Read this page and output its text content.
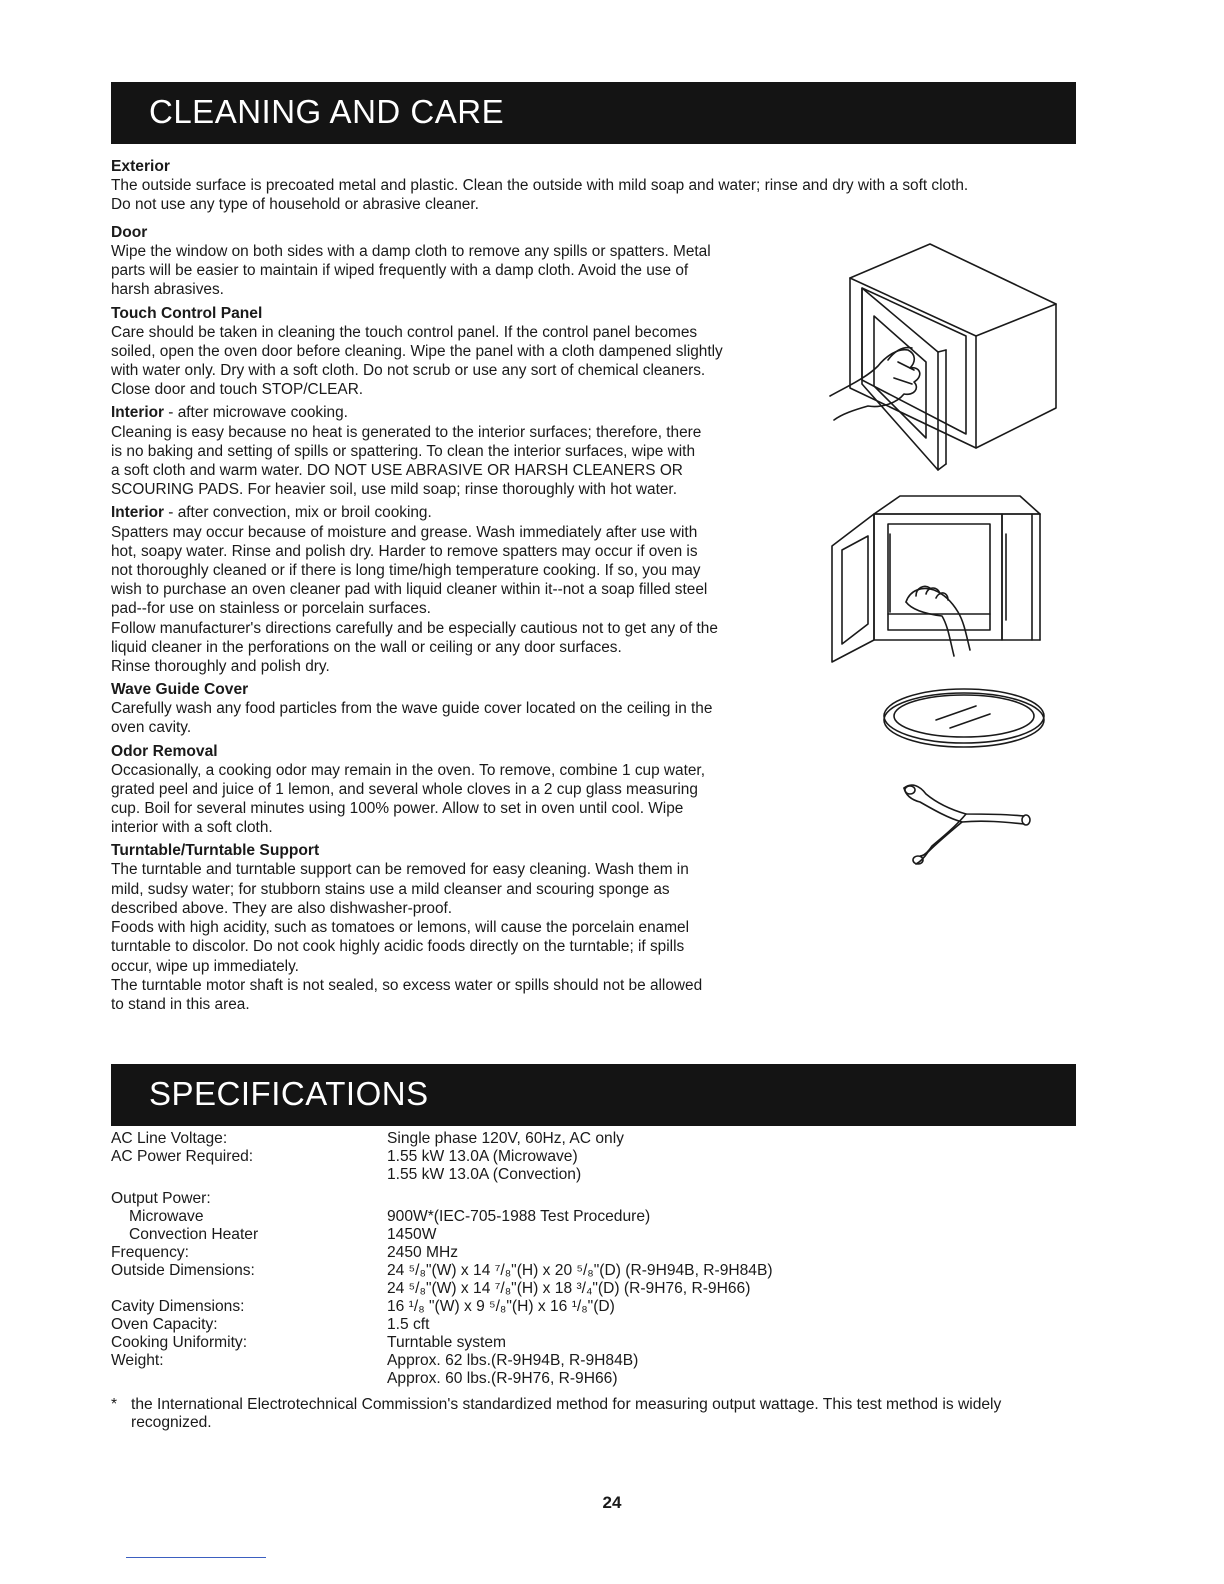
CLEANING AND CARE
Exterior

The outside surface is precoated metal and plastic. Clean the outside with mild soap and water; rinse and dry with a soft cloth.

Do not use any type of household or abrasive cleaner.

Door

Wipe the window on both sides with a damp cloth to remove any spills or spatters. Metal

parts will be easier to maintain if wiped frequently with a damp cloth. Avoid the use of

harsh abrasives.

Touch Control Panel

Care should be taken in cleaning the touch control panel. If the control panel becomes

soiled, open the oven door before cleaning. Wipe the panel with a cloth dampened slightly

with water only. Dry with a soft cloth. Do not scrub or use any sort of chemical cleaners.

Close door and touch STOP/CLEAR.

Interior - after microwave cooking.

Cleaning is easy because no heat is generated to the interior surfaces; therefore, there

is no baking and setting of spills or spattering. To clean the interior surfaces, wipe with

a soft cloth and warm water. DO NOT USE ABRASIVE OR HARSH CLEANERS OR

SCOURING PADS. For heavier soil, use mild soap; rinse thoroughly with hot water.

Interior - after convection, mix or broil cooking.

Spatters may occur because of moisture and grease. Wash immediately after use with

hot, soapy water. Rinse and polish dry. Harder to remove spatters may occur if oven is

not thoroughly cleaned or if there is long time/high temperature cooking. If so, you may

wish to purchase an oven cleaner pad with liquid cleaner within it--not a soap filled steel

pad--for use on stainless or porcelain surfaces.

Follow manufacturer's directions carefully and be especially cautious not to get any of the

liquid cleaner in the perforations on the wall or ceiling or any door surfaces.

Rinse thoroughly and polish dry.

Wave Guide Cover

Carefully wash any food particles from the wave guide cover located on the ceiling in the

oven cavity.

Odor Removal

Occasionally, a cooking odor may remain in the oven. To remove, combine 1 cup water,

grated peel and juice of 1 lemon, and several whole cloves in a 2 cup glass measuring

cup. Boil for several minutes using 100% power. Allow to set in oven until cool. Wipe

interior with a soft cloth.

Turntable/Turntable Support

The turntable and turntable support can be removed for easy cleaning. Wash them in

mild, sudsy water; for stubborn stains use a mild cleanser and scouring sponge as

described above. They are also dishwasher-proof.

Foods with high acidity, such as tomatoes or lemons, will cause the porcelain enamel

turntable to discolor. Do not cook highly acidic foods directly on the turntable; if spills

occur, wipe up immediately.

The turntable motor shaft is not sealed, so excess water or spills should not be allowed

to stand in this area.

SPECIFICATIONS
AC Line Voltage:	Single phase 120V, 60Hz, AC only
AC Power Required:	1.55 kW 13.0A (Microwave)
1.55 kW 13.0A (Convection)
Output Power:

Microwave	900W*(IEC-705-1988 Test Procedure)
Convection Heater	1450W
Frequency:	2450 MHz
Outside Dimensions:	24 ⁵/₈"(W) x 14 ⁷/₈"(H) x 20 ⁵/₈"(D) (R-9H94B, R-9H84B)
24 ⁵/₈"(W) x 14 ⁷/₈"(H) x 18 ³/₄"(D) (R-9H76, R-9H66)
Cavity Dimensions:	16 ¹/₈ "(W) x 9 ⁵/₈"(H) x 16 ¹/₈"(D)
Oven Capacity:	1.5 cft
Cooking Uniformity:	Turntable system
Weight:	Approx. 62 lbs.(R-9H94B, R-9H84B)
Approx. 60 lbs.(R-9H76, R-9H66)
* the International Electrotechnical Commission's standardized method for measuring output wattage. This test method is widely recognized.
24
